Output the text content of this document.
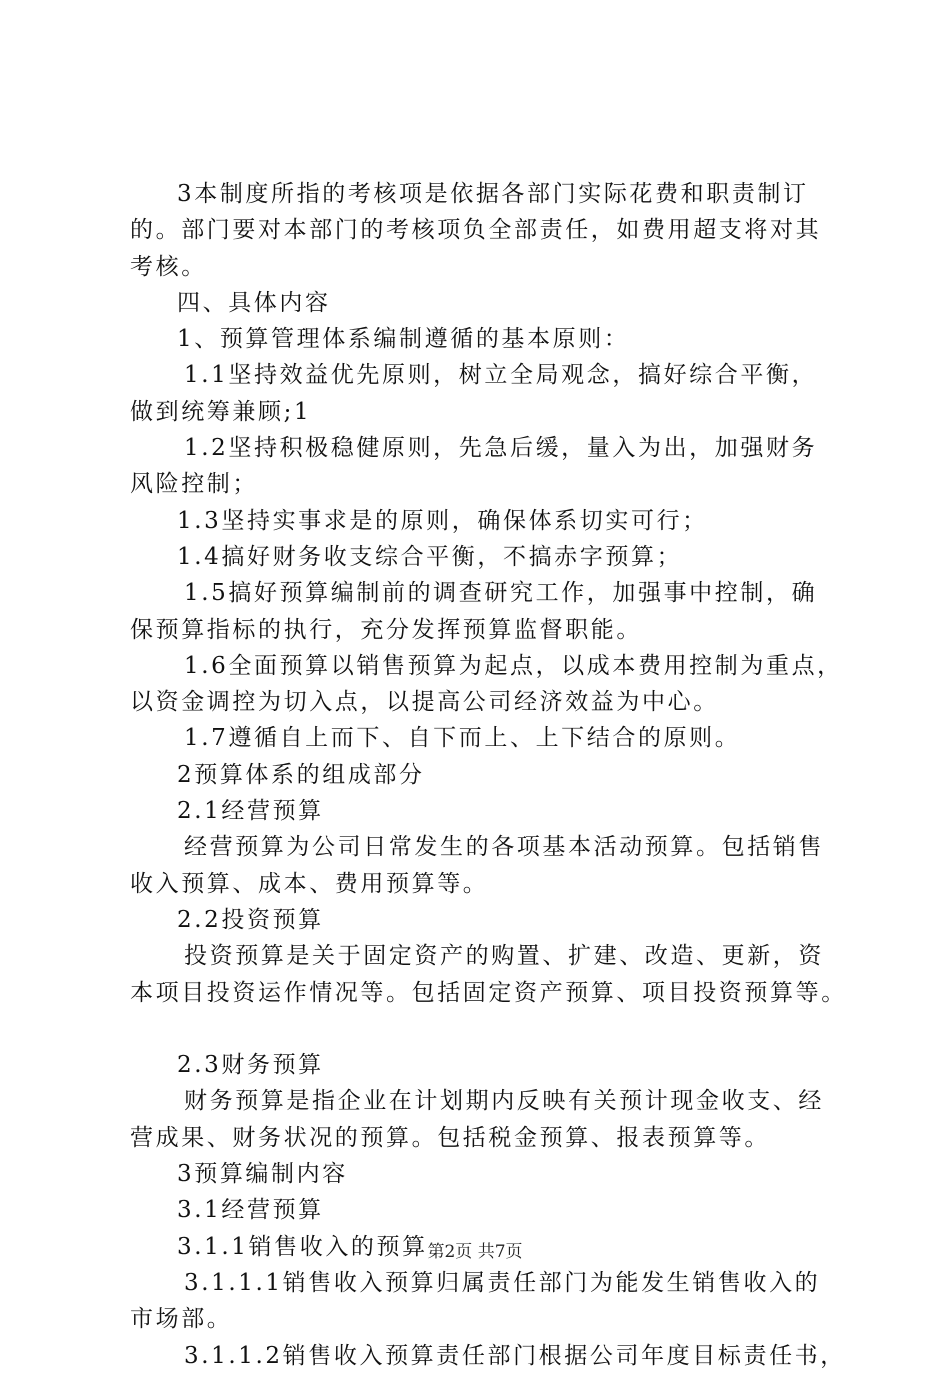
3本制度所指的考核项是依据各部门实际花费和职责制订
的。部门要对本部门的考核项负全部责任，如费用超支将对其
考核。
四、具体内容
1、预算管理体系编制遵循的基本原则：
1.1坚持效益优先原则，树立全局观念，搞好综合平衡，
做到统筹兼顾;1
1.2坚持积极稳健原则，先急后缓，量入为出，加强财务
风险控制；
1.3坚持实事求是的原则，确保体系切实可行；
1.4搞好财务收支综合平衡，不搞赤字预算；
1.5搞好预算编制前的调查研究工作，加强事中控制，确
保预算指标的执行，充分发挥预算监督职能。
1.6全面预算以销售预算为起点，以成本费用控制为重点，
以资金调控为切入点，以提高公司经济效益为中心。
1.7遵循自上而下、自下而上、上下结合的原则。
2预算体系的组成部分
2.1经营预算
经营预算为公司日常发生的各项基本活动预算。包括销售
收入预算、成本、费用预算等。
2.2投资预算
投资预算是关于固定资产的购置、扩建、改造、更新，资
本项目投资运作情况等。包括固定资产预算、项目投资预算等。
2.3财务预算
财务预算是指企业在计划期内反映有关预计现金收支、经
营成果、财务状况的预算。包括税金预算、报表预算等。
3预算编制内容
3.1经营预算
3.1.1销售收入的预算
3.1.1.1销售收入预算归属责任部门为能发生销售收入的
市场部。
3.1.1.2销售收入预算责任部门根据公司年度目标责任书，
第2页 共7页
